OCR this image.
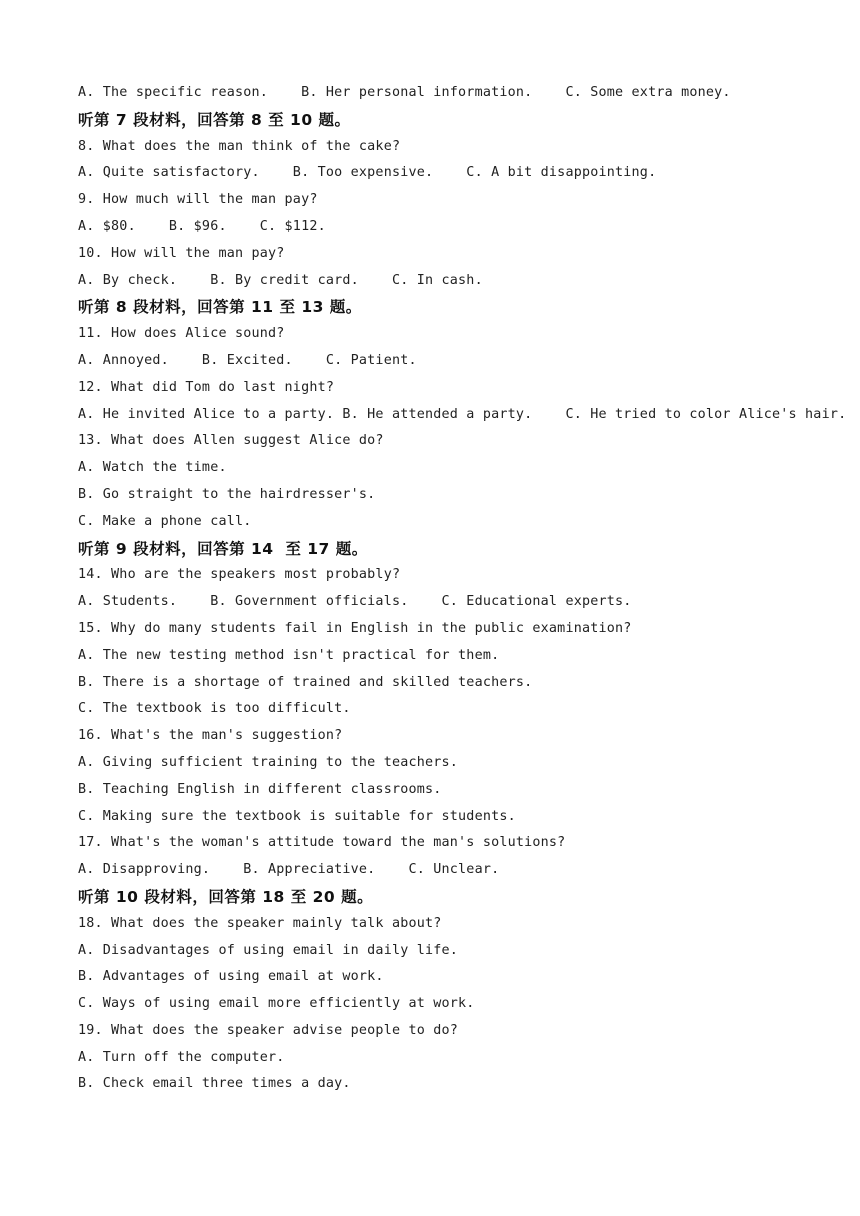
A. The specific reason.    B. Her personal information.    C. Some extra money.
听第 7 段材料，回答第 8 至 10 题。
8. What does the man think of the cake?
A. Quite satisfactory.    B. Too expensive.    C. A bit disappointing.
9. How much will the man pay?
A. $80.    B. $96.    C. $112.
10. How will the man pay?
A. By check.    B. By credit card.    C. In cash.
听第 8 段材料，回答第 11 至 13 题。
11. How does Alice sound?
A. Annoyed.    B. Excited.    C. Patient.
12. What did Tom do last night?
A. He invited Alice to a party. B. He attended a party.    C. He tried to color Alice's hair.
13. What does Allen suggest Alice do?
A. Watch the time.
B. Go straight to the hairdresser's.
C. Make a phone call.
听第 9 段材料，回答第 14  至 17 题。
14. Who are the speakers most probably?
A. Students.    B. Government officials.    C. Educational experts.
15. Why do many students fail in English in the public examination?
A. The new testing method isn't practical for them.
B. There is a shortage of trained and skilled teachers.
C. The textbook is too difficult.
16. What's the man's suggestion?
A. Giving sufficient training to the teachers.
B. Teaching English in different classrooms.
C. Making sure the textbook is suitable for students.
17. What's the woman's attitude toward the man's solutions?
A. Disapproving.    B. Appreciative.    C. Unclear.
听第 10 段材料，回答第 18 至 20 题。
18. What does the speaker mainly talk about?
A. Disadvantages of using email in daily life.
B. Advantages of using email at work.
C. Ways of using email more efficiently at work.
19. What does the speaker advise people to do?
A. Turn off the computer.
B. Check email three times a day.
